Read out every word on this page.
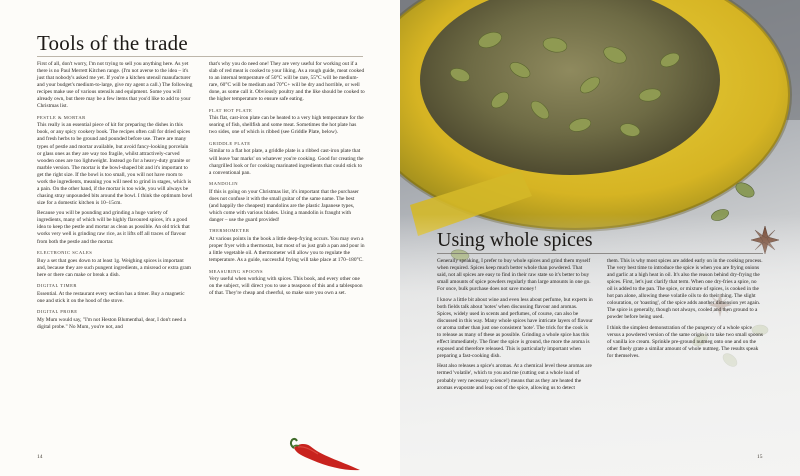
Tools of the trade

First of all, don't worry, I'm not trying to sell you anything here. As yet there is no Paul Merrett Kitchen range. (I'm not averse to the idea – it's just that nobody's asked me yet. If you're a kitchen utensil manufacturer and your budget's medium-to-large, give my agent a call.) The following recipes make use of various utensils and equipment. Some you will already own, but there may be a few items that you'd like to add to your Christmas list.

PESTLE & MORTAR

This really is an essential piece of kit for preparing the dishes in this book, or any spicy cookery book. The recipes often call for dried spices and fresh herbs to be ground and pounded before use. There are many types of pestle and mortar available, but avoid fancy-looking porcelain or glass ones as they are way too fragile, whilst attractively-carved wooden ones are too lightweight. Instead go for a heavy-duty granite or marble version. The mortar is the bowl-shaped bit and it's important to get the right size. If the bowl is too small, you will not have room to work the ingredients, meaning you will need to grind in stages, which is a pain. On the other hand, if the mortar is too wide, you will always be chasing stray unpounded bits around the bowl. I think the optimum bowl size for a domestic kitchen is 10–15cm.

Because you will be pounding and grinding a huge variety of ingredients, many of which will be highly flavoured spices, it's a good idea to keep the pestle and mortar as clean as possible. An old trick that works very well is grinding raw rice, as it lifts off all traces of flavour from both the pestle and the mortar.

ELECTRONIC SCALES

Buy a set that goes down to at least 1g. Weighing spices is important and, because they are such pungent ingredients, a misread or extra gram here or there can make or break a dish.

DIGITAL TIMER

Essential. At the restaurant every section has a timer. Buy a magnetic one and stick it on the hood of the stove.

DIGITAL PROBE

My Mum would say, "I'm not Heston Blumenthal, dear, I don't need a digital probe." No Mum, you're not, and

that's why you do need one! They are very useful for working out if a slab of red meat is cooked to your liking. As a rough guide, meat cooked to an internal temperature of 50°C will be rare, 55°C will be medium-rare, 60°C will be medium and 70°C+ will be dry and horrible, or well done, as some call it. Obviously poultry and the like should be cooked to the higher temperature to ensure safe eating.

FLAT HOT PLATE

This flat, cast-iron plate can be heated to a very high temperature for the searing of fish, shellfish and some meat. Sometimes the hot plate has two sides, one of which is ribbed (see Griddle Plate, below).

GRIDDLE PLATE

Similar to a flat hot plate, a griddle plate is a ribbed cast-iron plate that will leave 'bar marks' on whatever you're cooking. Good for creating the chargrilled look or for cooking marinated ingredients that could stick to a conventional pan.

MANDOLIN

If this is going on your Christmas list, it's important that the purchaser does not confuse it with the small guitar of the same name. The best (and happily the cheapest) mandolins are the plastic Japanese types, which come with various blades. Using a mandolin is fraught with danger – use the guard provided!

THERMOMETER

At various points in the book a little deep-frying occurs. You may own a proper fryer with a thermostat, but most of us just grab a pan and pour in a little vegetable oil. A thermometer will allow you to regulate the temperature. As a guide, successful frying will take place at 170–180°C.

MEASURING SPOONS

Very useful when working with spices. This book, and every other one on the subject, will direct you to use a teaspoon of this and a tablespoon of that. They're cheap and cheerful, so make sure you own a set.

14	15
Using whole spices

Generally speaking, I prefer to buy whole spices and grind them myself when required. Spices keep much better whole than powdered. That said, not all spices are easy to find in their raw state so it's better to buy small amounts of spice powders regularly than large amounts in one go. For once, bulk purchase does not save money!

I know a little bit about wine and even less about perfume, but experts in both fields talk about 'notes' when discussing flavour and aromas. Spices, widely used in scents and perfumes, of course, can also be discussed in this way. Many whole spices have intricate layers of flavour or aroma rather than just one consistent 'note'. The trick for the cook is to release as many of these as possible. Grinding a whole spice has this effect immediately. The finer the spice is ground, the more the aroma is exposed and therefore released. This is particularly important when preparing a fast-cooking dish.

Heat also releases a spice's aromas. At a chemical level these aromas are termed 'volatile', which to you and me (cutting out a whole load of probably very necessary science!) means that as they are heated the aromas evaporate and leap out of the spice, allowing us to detect

them. This is why most spices are added early on in the cooking process. The very best time to introduce the spice is when you are frying onions and garlic at a high heat in oil. It's also the reason behind dry-frying the spices. First, let's just clarify that term. When one dry-fries a spice, no oil is added to the pan. The spice, or mixture of spices, is cooked in the hot pan alone, allowing these volatile oils to do their thing. The slight colouration, or 'toasting', of the spice adds another dimension yet again. The spice is generally, though not always, cooled and then ground to a powder before being used.

I think the simplest demonstration of the pungency of a whole spice versus a powdered version of the same origin is to take two small spoons of vanilla ice cream. Sprinkle pre-ground nutmeg onto one and on the other finely grate a similar amount of whole nutmeg. The results speak for themselves.
